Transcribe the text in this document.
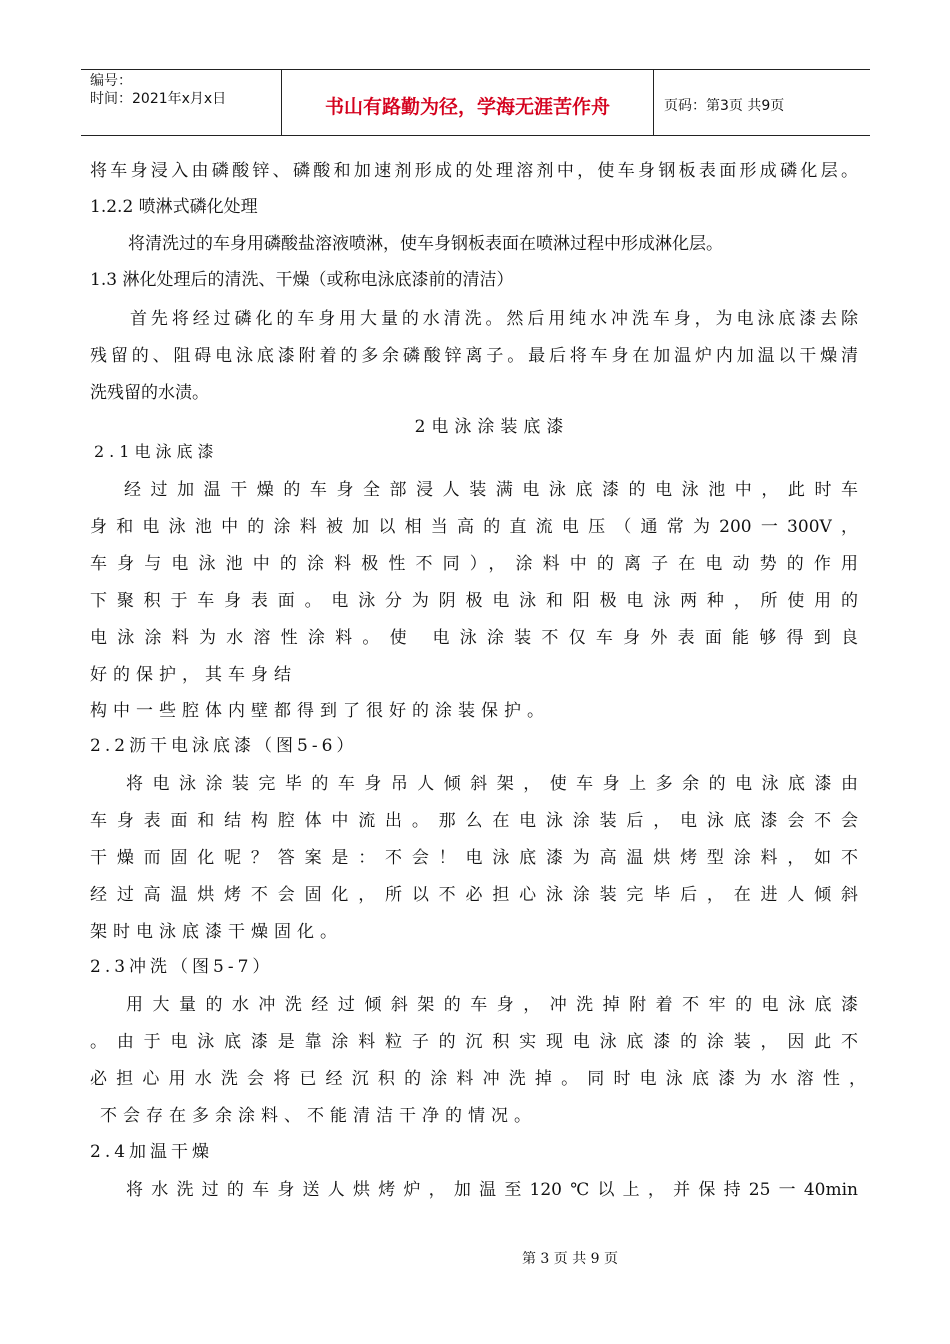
编号：
时间：2021年x月x日	书山有路勤为径，学海无涯苦作舟	页码：第3页 共9页
将车身浸入由磷酸锌、磷酸和加速剂形成的处理溶剂中，使车身钢板表面形成磷化层。
1.2.2 喷淋式磷化处理
将清洗过的车身用磷酸盐溶液喷淋，使车身钢板表面在喷淋过程中形成淋化层。
1.3 淋化处理后的清洗、干燥（或称电泳底漆前的清洁）
首先将经过磷化的车身用大量的水清洗。然后用纯水冲洗车身，为电泳底漆去除
残留的、阻碍电泳底漆附着的多余磷酸锌离子。最后将车身在加温炉内加温以干燥清
洗残留的水渍。
2电泳涂装底漆
2.1电泳底漆
经过加温干燥的车身全部浸人装满电泳底漆的电泳池中，此时车
身和电泳池中的涂料被加以相当高的直流电压（通常为200一300V，
车身与电泳池中的涂料极性不同），涂料中的离子在电动势的作用
下聚积于车身表面。电泳分为阴极电泳和阳极电泳两种，所使用的
电泳涂料为水溶性涂料。使 电泳涂装不仅车身外表面能够得到良
好的保护，其车身结
构中一些腔体内壁都得到了很好的涂装保护。
2.2沥干电泳底漆（图5-6）
将电泳涂装完毕的车身吊人倾斜架，使车身上多余的电泳底漆由
车身表面和结构腔体中流出。那么在电泳涂装后，电泳底漆会不会
干燥而固化呢？答案是：不会！电泳底漆为高温烘烤型涂料，如不
经过高温烘烤不会固化，所以不必担心泳涂装完毕后，在进人倾斜
架时电泳底漆干燥固化。
2.3冲洗（图5-7）
用大量的水冲洗经过倾斜架的车身，冲洗掉附着不牢的电泳底漆
。由于电泳底漆是靠涂料粒子的沉积实现电泳底漆的涂装，因此不
必担心用水洗会将已经沉积的涂料冲洗掉。同时电泳底漆为水溶性，
不会存在多余涂料、不能清洁干净的情况。
2.4加温干燥
将水洗过的车身送人烘烤炉，加温至120℃以上，并保持25一40min
第 3 页 共 9 页
